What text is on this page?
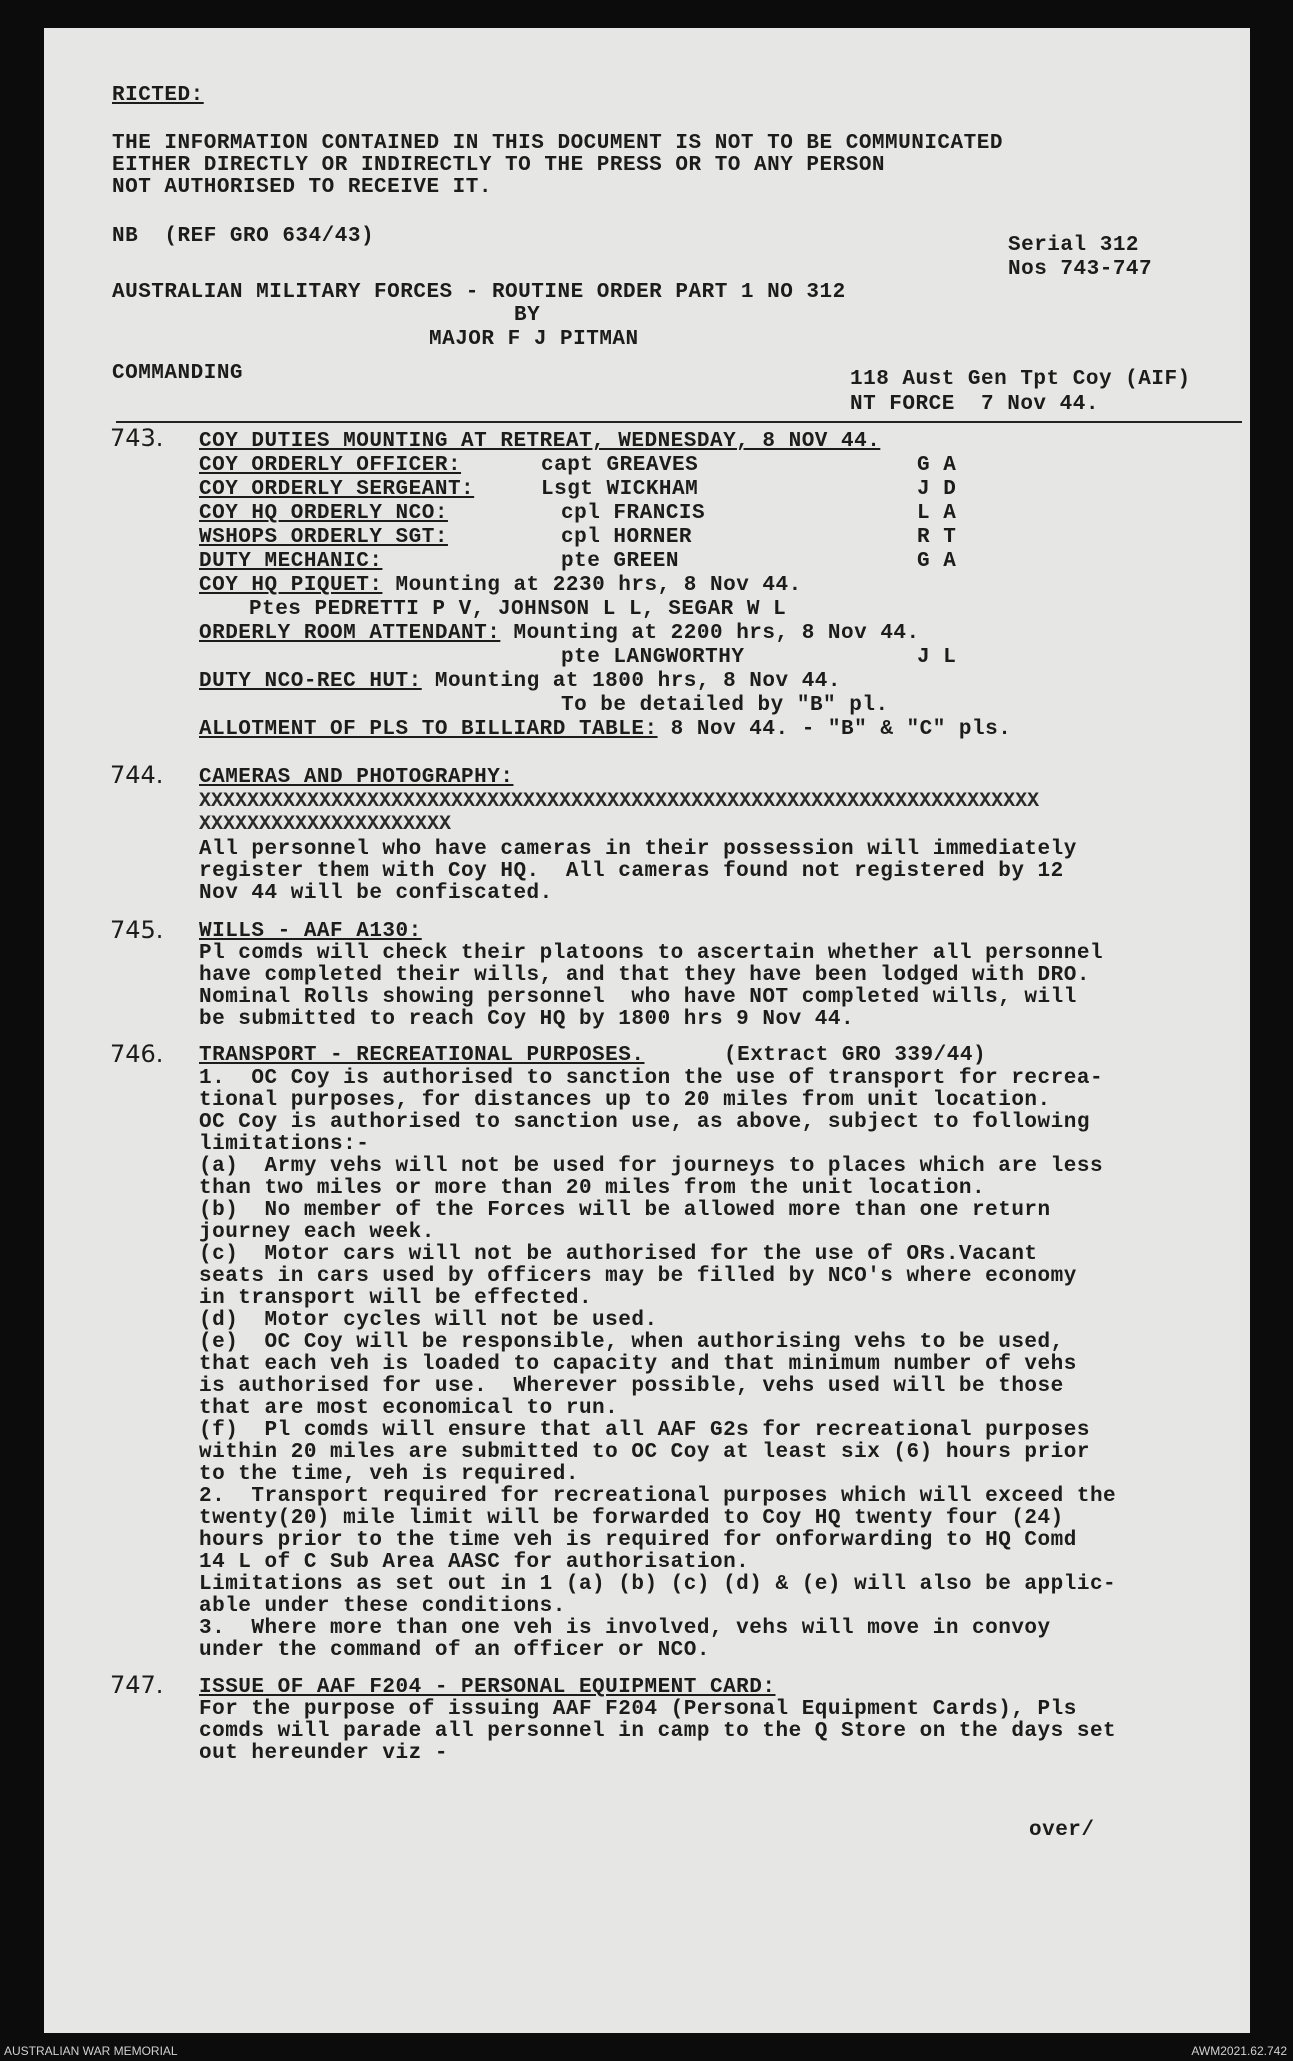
RICTED:
THE INFORMATION CONTAINED IN THIS DOCUMENT IS NOT TO BE COMMUNICATED
EITHER DIRECTLY OR INDIRECTLY TO THE PRESS OR TO ANY PERSON
NOT AUTHORISED TO RECEIVE IT.
NB  (REF GRO 634/43)	Serial 312
Nos 743-747
AUSTRALIAN MILITARY FORCES - ROUTINE ORDER PART 1 NO 312
BY
MAJOR F J PITMAN
COMMANDING	118 Aust Gen Tpt Coy (AIF)
NT FORCE  7 Nov 44.
743. COY DUTIES MOUNTING AT RETREAT, WEDNESDAY, 8 NOV 44.
COY ORDERLY OFFICER:	capt GREAVES	G A
COY ORDERLY SERGEANT:	Lsgt WICKHAM	J D
COY HQ ORDERLY NCO:	cpl FRANCIS	L A
WSHOPS ORDERLY SGT:	cpl HORNER	R T
DUTY MECHANIC:	pte GREEN	G A
COY HQ PIQUET: Mounting at 2230 hrs, 8 Nov 44.
Ptes PEDRETTI P V, JOHNSON L L, SEGAR W L
ORDERLY ROOM ATTENDANT: Mounting at 2200 hrs, 8 Nov 44.
pte LANGWORTHY	J L
DUTY NCO-REC HUT: Mounting at 1800 hrs, 8 Nov 44.
To be detailed by "B" pl.
ALLOTMENT OF PLS TO BILLIARD TABLE: 8 Nov 44. - "B" & "C" pls.
744. CAMERAS AND PHOTOGRAPHY:
XXXXXXXXXXXXXXXXXXXXXXXXXXXXXXXXXXXXXXXXXXXXXXXXXXXXXXXXXXXXXXXXXXXXXX
XXXXXXXXXXXXXXXXXXXXX
All personnel who have cameras in their possession will immediately
register them with Coy HQ.  All cameras found not registered by 12
Nov 44 will be confiscated.
745. WILLS - AAF A130:
Pl comds will check their platoons to ascertain whether all personnel
have completed their wills, and that they have been lodged with DRO.
Nominal Rolls showing personnel  who have NOT completed wills, will
be submitted to reach Coy HQ by 1800 hrs 9 Nov 44.
746. TRANSPORT - RECREATIONAL PURPOSES.	(Extract GRO 339/44)
1.  OC Coy is authorised to sanction the use of transport for recrea-
tional purposes, for distances up to 20 miles from unit location.
OC Coy is authorised to sanction use, as above, subject to following
limitations:-
(a)  Army vehs will not be used for journeys to places which are less
than two miles or more than 20 miles from the unit location.
(b)  No member of the Forces will be allowed more than one return
journey each week.
(c)  Motor cars will not be authorised for the use of ORs.Vacant
seats in cars used by officers may be filled by NCO's where economy
in transport will be effected.
(d)  Motor cycles will not be used.
(e)  OC Coy will be responsible, when authorising vehs to be used,
that each veh is loaded to capacity and that minimum number of vehs
is authorised for use.  Wherever possible, vehs used will be those
that are most economical to run.
(f)  Pl comds will ensure that all AAF G2s for recreational purposes
within 20 miles are submitted to OC Coy at least six (6) hours prior
to the time, veh is required.
2.  Transport required for recreational purposes which will exceed the
twenty(20) mile limit will be forwarded to Coy HQ twenty four (24)
hours prior to the time veh is required for onforwarding to HQ Comd
14 L of C Sub Area AASC for authorisation.
Limitations as set out in 1 (a) (b) (c) (d) & (e) will also be applic-
able under these conditions.
3.  Where more than one veh is involved, vehs will move in convoy
under the command of an officer or NCO.
747. ISSUE OF AAF F204 - PERSONAL EQUIPMENT CARD:
For the purpose of issuing AAF F204 (Personal Equipment Cards), Pls
comds will parade all personnel in camp to the Q Store on the days set
out hereunder viz -
over/
AUSTRALIAN WAR MEMORIAL	AWM2021.62.742
